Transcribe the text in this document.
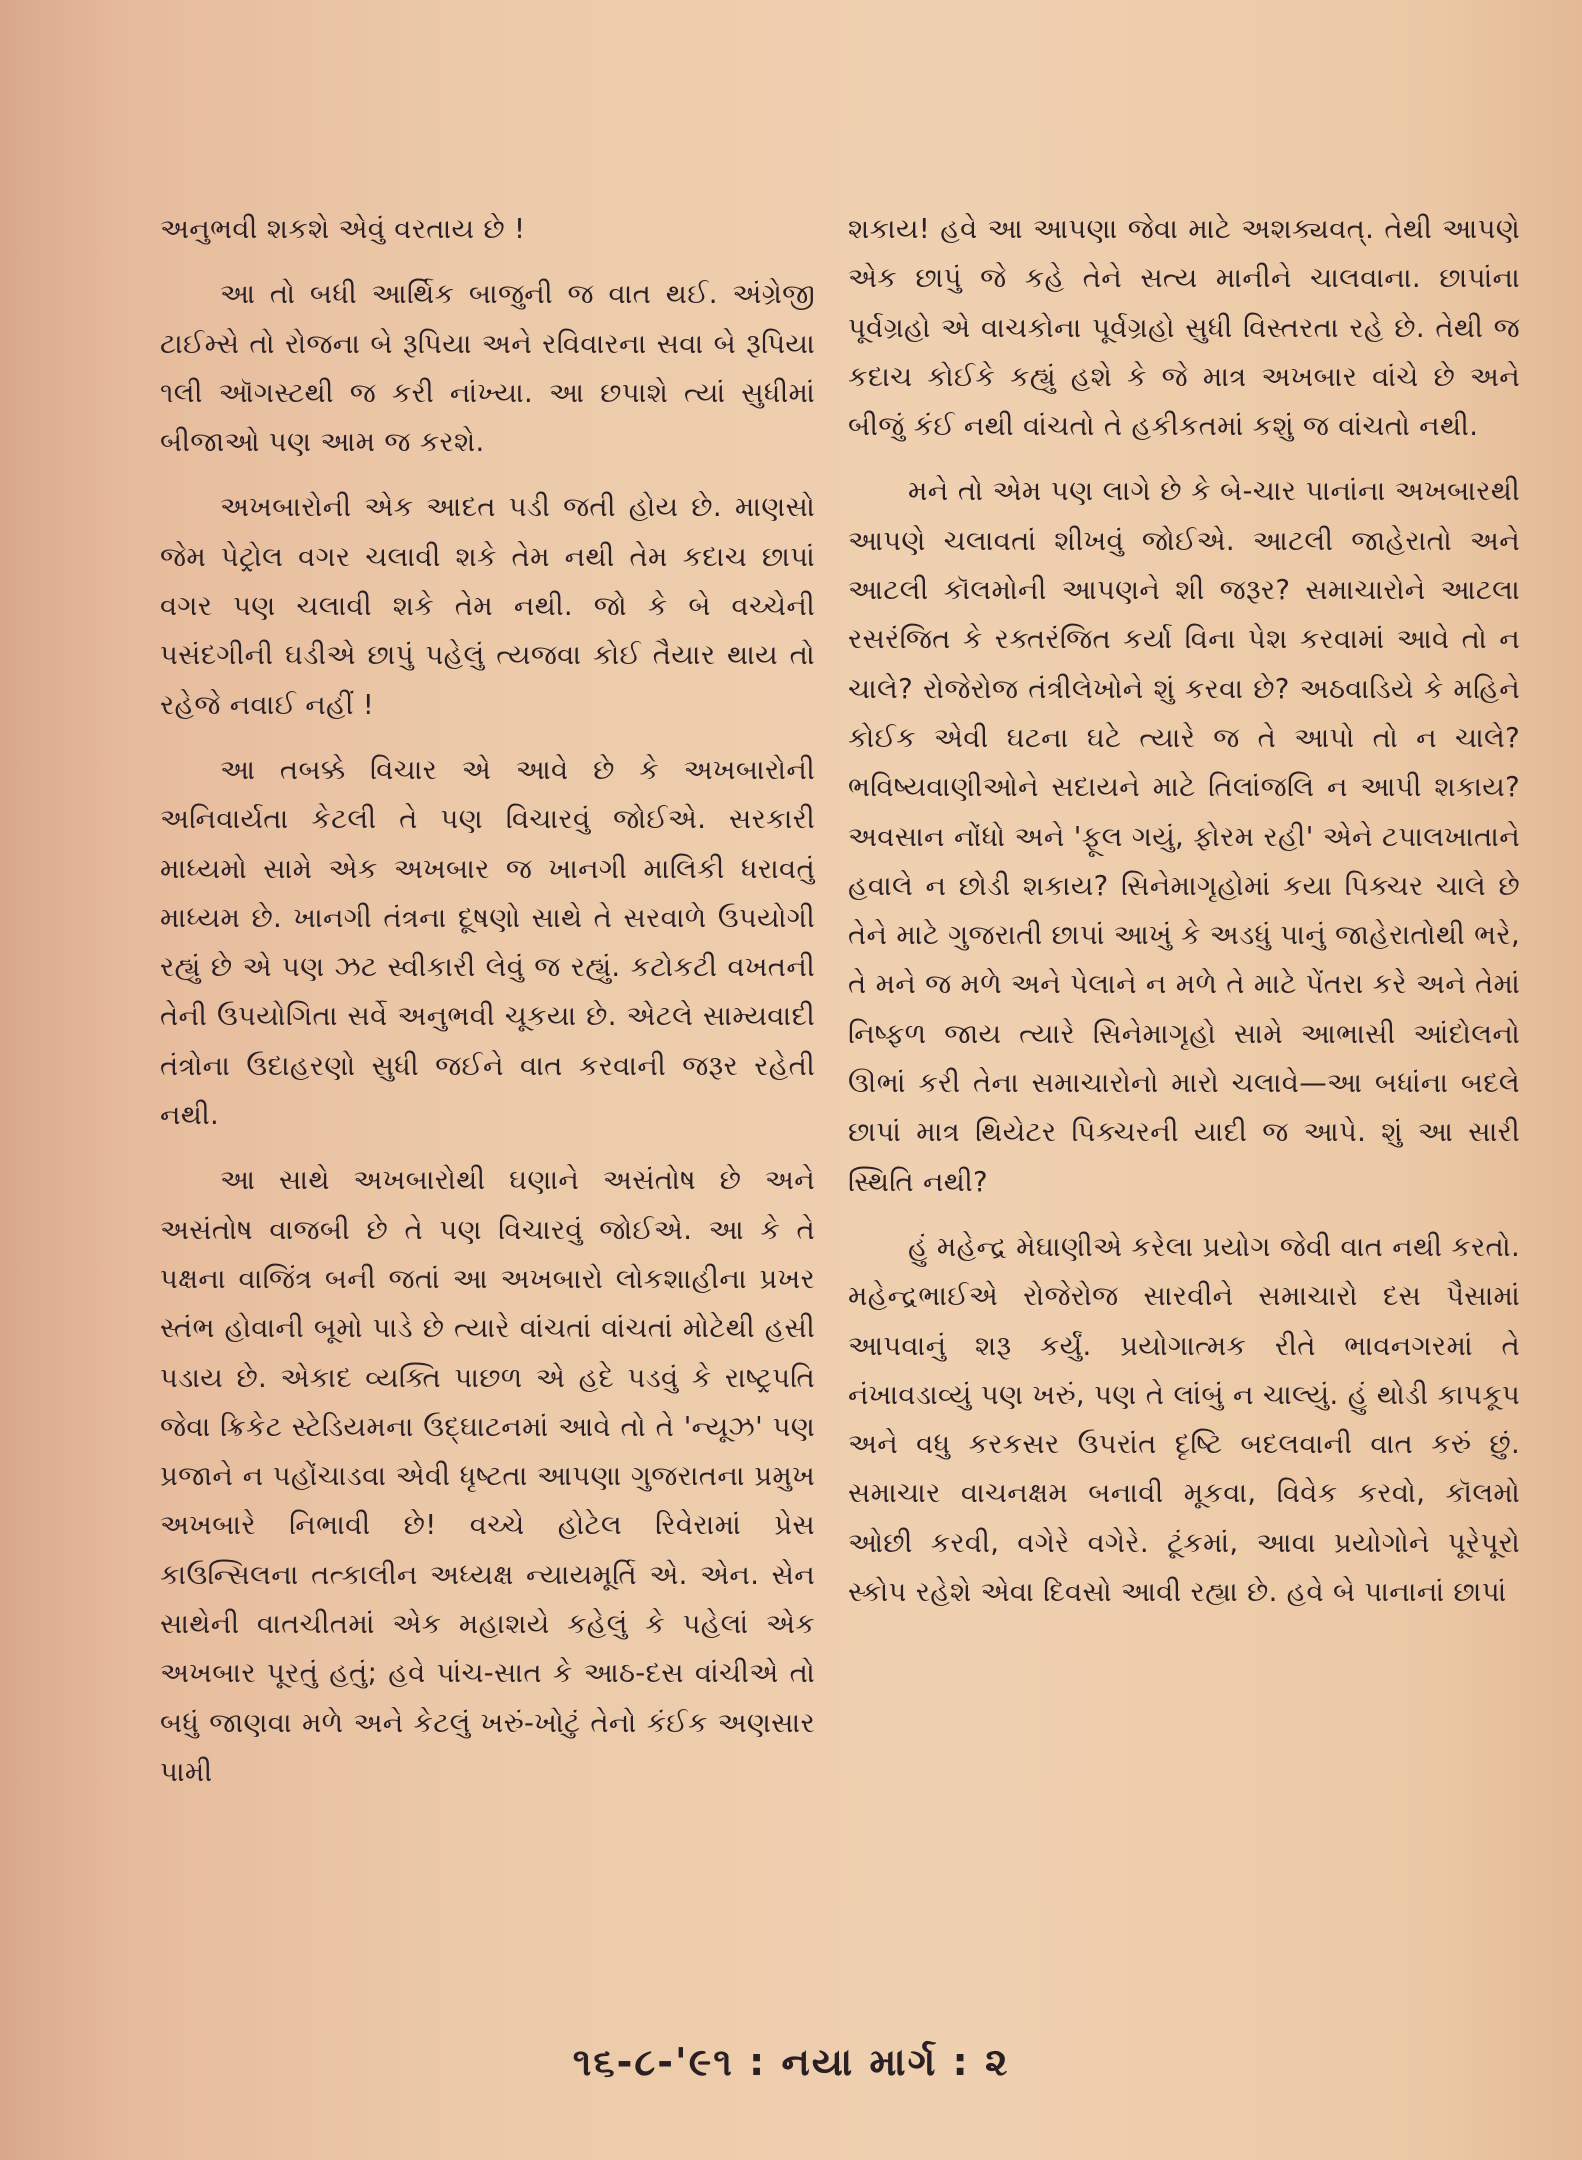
અનુભવી શકશે એવું વરતાય છે !

આ તો બધી આર્થિક બાજુની જ વાત થઈ. અંગ્રેજી ટાઈમ્સે તો રોજના બે રૂપિયા અને રવિવારના સવા બે રૂપિયા ૧લી ઑગસ્ટથી જ કરી નાંખ્યા. આ છપાશે ત્યાં સુધીમાં બીજાઓ પણ આમ જ કરશે.

અખબારોની એક આદત પડી જતી હોય છે. માણસો જેમ પેટ્રોલ વગર ચલાવી શકે તેમ નથી તેમ કદાચ છાપાં વગર પણ ચલાવી શકે તેમ નથી. જો કે બે વચ્ચેની પસંદગીની ઘડીએ છાપું પહેલું ત્યજવા કોઈ તૈયાર થાય તો રહેજે નવાઈ નહીં !

આ તબક્કે વિચાર એ આવે છે કે અખબારોની અનિવાર્યતા કેટલી તે પણ વિચારવું જોઈએ. સરકારી માધ્યમો સામે એક અખબાર જ ખાનગી માલિકી ધરાવતું માધ્યમ છે. ખાનગી તંત્રના દૂષણો સાથે તે સરવાળે ઉપયોગી રહ્યું છે એ પણ ઝટ સ્વીકારી લેવું જ રહ્યું. કટોકટી વખતની તેની ઉપયોગિતા સર્વે અનુભવી ચૂકયા છે. એટલે સામ્યવાદી તંત્રોના ઉદાહરણો સુધી જઈને વાત કરવાની જરૂર રહેતી નથી.

આ સાથે અખબારોથી ઘણાને અસંતોષ છે અને અસંતોષ વાજબી છે તે પણ વિચારવું જોઈએ. આ કે તે પક્ષના વાજિંત્ર બની જતાં આ અખબારો લોકશાહીના પ્રખર સ્તંભ હોવાની બૂમો પાડે છે ત્યારે વાંચતાં વાંચતાં મોટેથી હસી પડાય છે. એકાદ વ્યક્તિ પાછળ એ હદે પડવું કે રાષ્ટ્રપતિ જેવા ક્રિકેટ સ્ટેડિયમના ઉદ્ઘાટનમાં આવે તો તે 'ન્યૂઝ' પણ પ્રજાને ન પહોંચાડવા એવી ધૃષ્ટતા આપણા ગુજરાતના પ્રમુખ અખબારે નિભાવી છે! વચ્ચે હોટેલ રિવેરામાં પ્રેસ કાઉન્સિલના તત્કાલીન અધ્યક્ષ ન્યાયમૂર્તિ એ. એન. સેન સાથેની વાતચીતમાં એક મહાશયે કહેલું કે પહેલાં એક અખબાર પૂરતું હતું; હવે પાંચ-સાત કે આઠ-દસ વાંચીએ તો બધું જાણવા મળે અને કેટલું ખરું-ખોટું તેનો કંઈક અણસાર પામી

શકાય! હવે આ આપણા જેવા માટે અશક્યવત્. તેથી આપણે એક છાપું જે કહે તેને સત્ય માનીને ચાલવાના. છાપાંના પૂર્વગ્રહો એ વાચકોના પૂર્વગ્રહો સુધી વિસ્તરતા રહે છે. તેથી જ કદાચ કોઈકે કહ્યું હશે કે જે માત્ર અખબાર વાંચે છે અને બીજું કંઈ નથી વાંચતો તે હકીકતમાં કશું જ વાંચતો નથી.

મને તો એમ પણ લાગે છે કે બે-ચાર પાનાંના અખબારથી આપણે ચલાવતાં શીખવું જોઈએ. આટલી જાહેરાતો અને આટલી કૉલમોની આપણને શી જરૂર? સમાચારોને આટલા રસરંજિત કે રક્તરંજિત કર્યા વિના પેશ કરવામાં આવે તો ન ચાલે? રોજેરોજ તંત્રીલેખોને શું કરવા છે? અઠવાડિયે કે મહિને કોઈક એવી ઘટના ઘટે ત્યારે જ તે આપો તો ન ચાલે? ભવિષ્યવાણીઓને સદાયને માટે તિલાંજલિ ન આપી શકાય? અવસાન નોંધો અને 'ફૂલ ગયું, ફોરમ રહી' એને ટપાલખાતાને હવાલે ન છોડી શકાય? સિનેમાગૃહોમાં કયા પિક્ચર ચાલે છે તેને માટે ગુજરાતી છાપાં આખું કે અડધું પાનું જાહેરાતોથી ભરે, તે મને જ મળે અને પેલાને ન મળે તે માટે પેંતરા કરે અને તેમાં નિષ્ફળ જાય ત્યારે સિનેમાગૃહો સામે આભાસી આંદોલનો ઊભાં કરી તેના સમાચારોનો મારો ચલાવે—આ બધાંના બદલે છાપાં માત્ર થિયેટર પિક્ચરની યાદી જ આપે. શું આ સારી સ્થિતિ નથી?

હું મહેન્દ્ર મેઘાણીએ કરેલા પ્રયોગ જેવી વાત નથી કરતો. મહેન્દ્રભાઈએ રોજેરોજ સારવીને સમાચારો દસ પૈસામાં આપવાનું શરૂ કર્યું. પ્રયોગાત્મક રીતે ભાવનગરમાં તે નંખાવડાવ્યું પણ ખરું, પણ તે લાંબું ન ચાલ્યું. હું થોડી કાપકૂપ અને વધુ કરકસર ઉપરાંત દૃષ્ટિ બદલવાની વાત કરું છું. સમાચાર વાચનક્ષમ બનાવી મૂકવા, વિવેક કરવો, કૉલમો ઓછી કરવી, વગેરે વગેરે. ટૂંકમાં, આવા પ્રયોગોને પૂરેપૂરો સ્કોપ રહેશે એવા દિવસો આવી રહ્યા છે. હવે બે પાનાનાં છાપાં

૧૬-૮-'૯૧ : નયા માર્ગ : ૨
